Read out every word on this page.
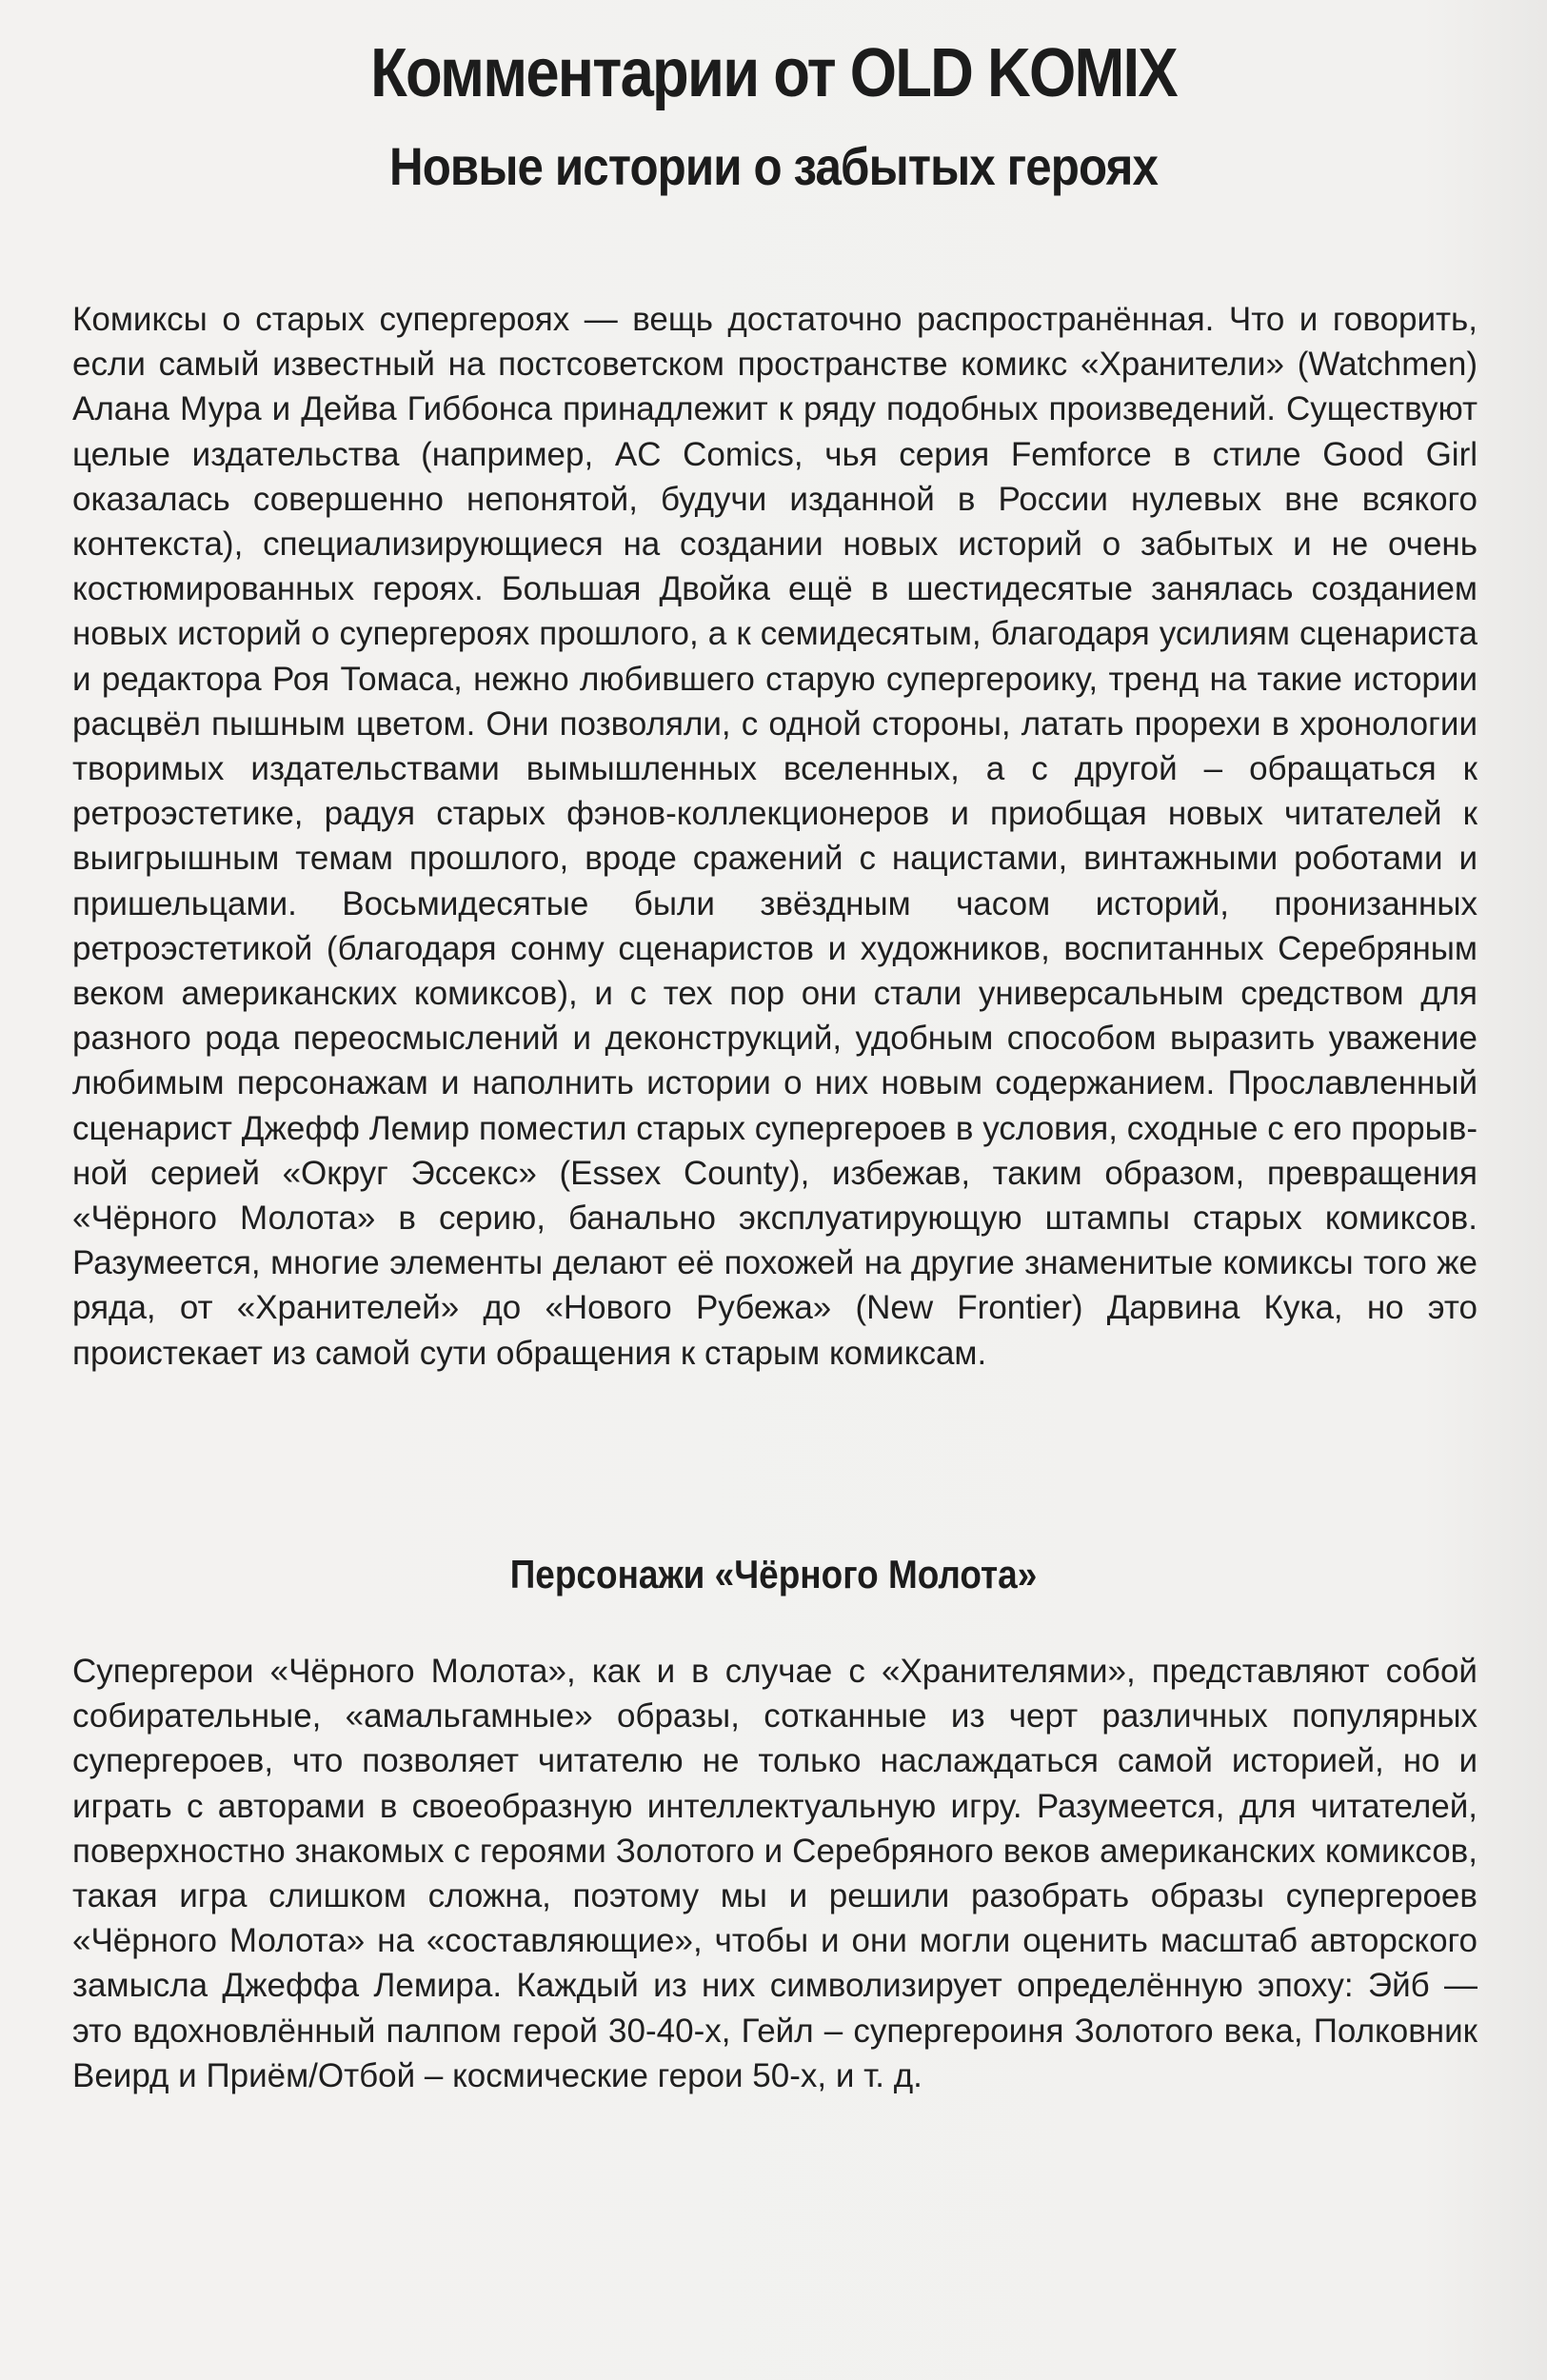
Комментарии от OLD KOMIX
Новые истории о забытых героях

Комиксы о старых супергероях — вещь достаточно распространённая. Что и говорить, если самый известный на постсоветском пространстве комикс «Хранители» (Watchmen) Алана Мура и Дейва Гиббонса принадлежит к ряду подобных произведений. Существуют целые издательства (например, AC Comics, чья серия Femforce в стиле Good Girl оказалась совершенно непонятой, будучи изданной в России нулевых вне всякого контекста), специализирующиеся на создании новых историй о забытых и не очень костюмированных героях. Большая Двойка ещё в шестидесятые занялась созданием новых историй о супергероях прошлого, а к семидесятым, благодаря усилиям сценариста и редактора Роя Томаса, нежно любившего старую супергероику, тренд на такие истории расцвёл пышным цветом. Они позволяли, с одной стороны, латать прорехи в хронологии творимых издательствами вымышленных вселенных, а с другой – обращаться к ретроэстетике, радуя старых фэнов-коллекционеров и приобщая новых читателей к выигрышным темам прошлого, вроде сражений с нацистами, винтажными роботами и пришельцами. Восьмидесятые были звёздным часом историй, пронизанных ретроэстетикой (благодаря сонму сценаристов и художников, воспитанных Серебряным веком американских комиксов), и с тех пор они стали универсальным средством для разного рода переосмыслений и деконструкций, удобным способом выразить уважение любимым персонажам и наполнить истории о них новым содержанием. Прославленный сценарист Джефф Лемир поместил старых супергероев в условия, сходные с его прорывной серией «Округ Эссекс» (Essex County), избежав, таким образом, превращения «Чёрного Молота» в серию, банально эксплуатирующую штампы старых комиксов. Разумеется, многие элементы делают её похожей на другие знаменитые комиксы того же ряда, от «Хранителей» до «Нового Рубежа» (New Frontier) Дарвина Кука, но это проистекает из самой сути обращения к старым комиксам.

Персонажи «Чёрного Молота»

Супергерои «Чёрного Молота», как и в случае с «Хранителями», представляют собой собирательные, «амальгамные» образы, сотканные из черт различных популярных супергероев, что позволяет читателю не только наслаждаться самой историей, но и играть с авторами в своеобразную интеллектуальную игру. Разумеется, для читателей, поверхностно знакомых с героями Золотого и Серебряного веков американских комиксов, такая игра слишком сложна, поэтому мы и решили разобрать образы супергероев «Чёрного Молота» на «составляющие», чтобы и они могли оценить масштаб авторского замысла Джеффа Лемира. Каждый из них символизирует определённую эпоху: Эйб — это вдохновлённый палпом герой 30-40-х, Гейл – супергероиня Золотого века, Полковник Веирд и Приём/Отбой – космические герои 50-х, и т. д.
